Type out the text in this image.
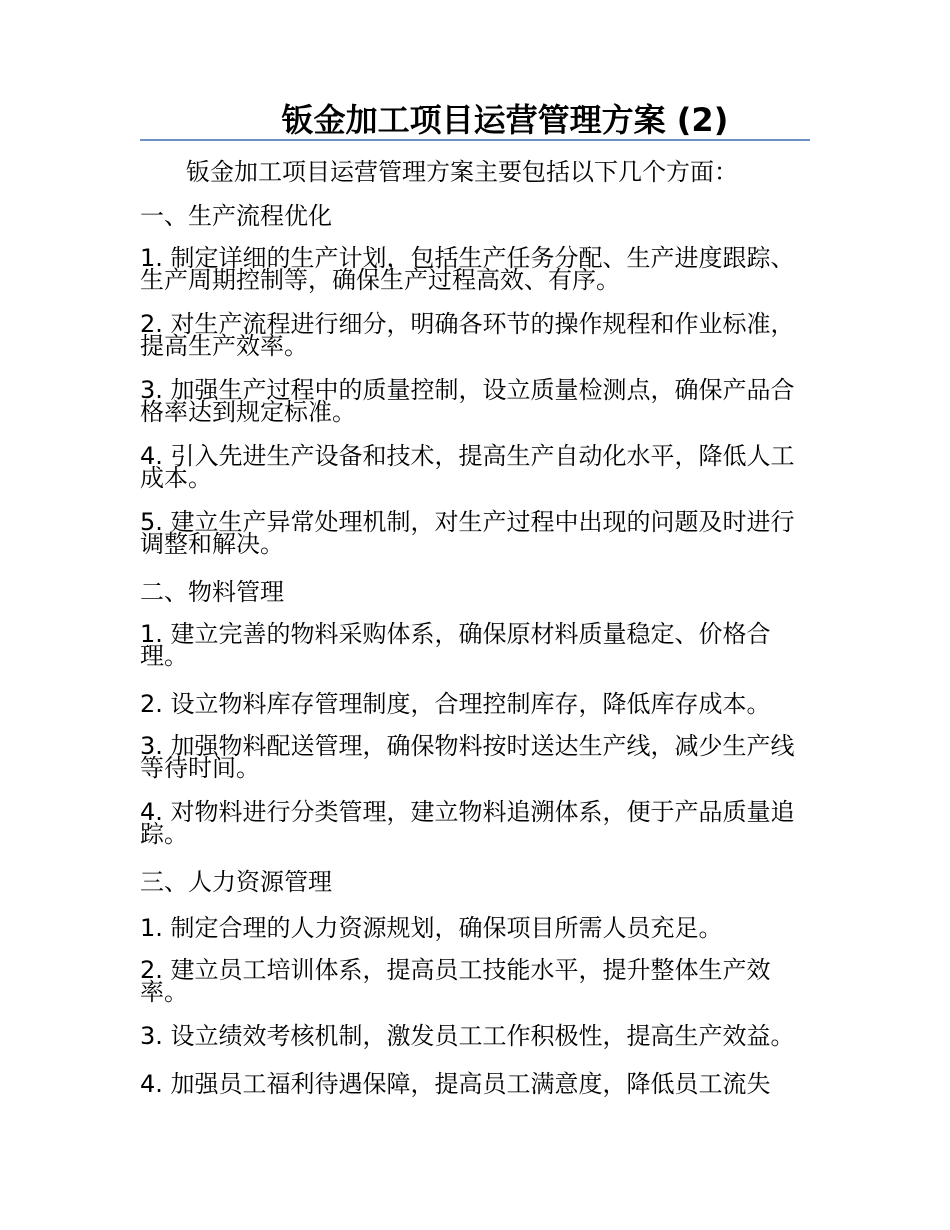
钣金加工项目运营管理方案 (2)
钣金加工项目运营管理方案主要包括以下几个方面：
一、生产流程优化
1. 制定详细的生产计划，包括生产任务分配、生产进度跟踪、生产周期控制等，确保生产过程高效、有序。
2. 对生产流程进行细分，明确各环节的操作规程和作业标准，提高生产效率。
3. 加强生产过程中的质量控制，设立质量检测点，确保产品合格率达到规定标准。
4. 引入先进生产设备和技术，提高生产自动化水平，降低人工成本。
5. 建立生产异常处理机制，对生产过程中出现的问题及时进行调整和解决。
二、物料管理
1. 建立完善的物料采购体系，确保原材料质量稳定、价格合理。
2. 设立物料库存管理制度，合理控制库存，降低库存成本。
3. 加强物料配送管理，确保物料按时送达生产线，减少生产线等待时间。
4. 对物料进行分类管理，建立物料追溯体系，便于产品质量追踪。
三、人力资源管理
1. 制定合理的人力资源规划，确保项目所需人员充足。
2. 建立员工培训体系，提高员工技能水平，提升整体生产效率。
3. 设立绩效考核机制，激发员工工作积极性，提高生产效益。
4. 加强员工福利待遇保障，提高员工满意度，降低员工流失
